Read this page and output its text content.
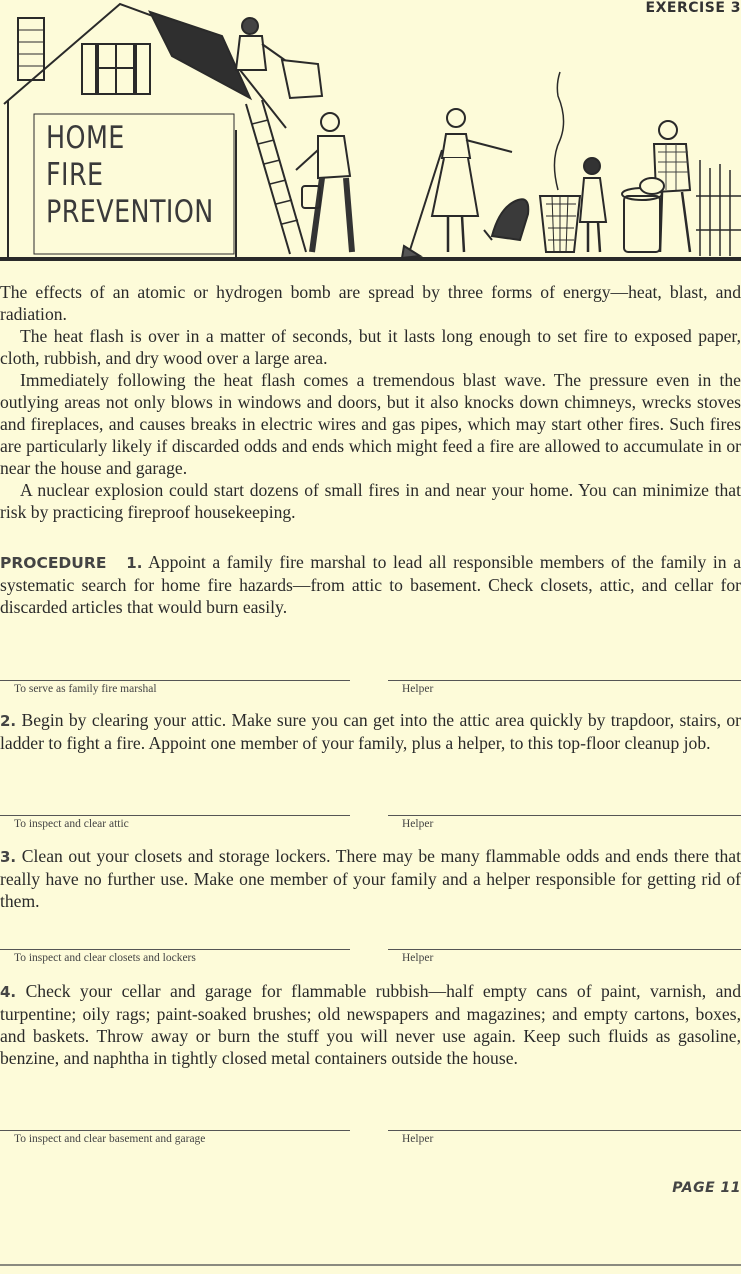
EXERCISE 3
HOME
FIRE
PREVENTION

The effects of an atomic or hydrogen bomb are spread by three forms of energy—heat, blast, and radiation.

The heat flash is over in a matter of seconds, but it lasts long enough to set fire to exposed paper, cloth, rubbish, and dry wood over a large area.

Immediately following the heat flash comes a tremendous blast wave. The pressure even in the outlying areas not only blows in windows and doors, but it also knocks down chimneys, wrecks stoves and fireplaces, and causes breaks in electric wires and gas pipes, which may start other fires. Such fires are particularly likely if discarded odds and ends which might feed a fire are allowed to accumulate in or near the house and garage.

A nuclear explosion could start dozens of small fires in and near your home. You can minimize that risk by practicing fireproof housekeeping.

PROCEDURE 1. Appoint a family fire marshal to lead all responsible members of the family in a systematic search for home fire hazards—from attic to basement. Check closets, attic, and cellar for discarded articles that would burn easily.
To serve as family fire marshal	Helper
2. Begin by clearing your attic. Make sure you can get into the attic area quickly by trapdoor, stairs, or ladder to fight a fire. Appoint one member of your family, plus a helper, to this top-floor cleanup job.
To inspect and clear attic	Helper
3. Clean out your closets and storage lockers. There may be many flammable odds and ends there that really have no further use. Make one member of your family and a helper responsible for getting rid of them.
To inspect and clear closets and lockers	Helper
4. Check your cellar and garage for flammable rubbish—half empty cans of paint, varnish, and turpentine; oily rags; paint-soaked brushes; old newspapers and magazines; and empty cartons, boxes, and baskets. Throw away or burn the stuff you will never use again. Keep such fluids as gasoline, benzine, and naphtha in tightly closed metal containers outside the house.
To inspect and clear basement and garage	Helper
PAGE 11
